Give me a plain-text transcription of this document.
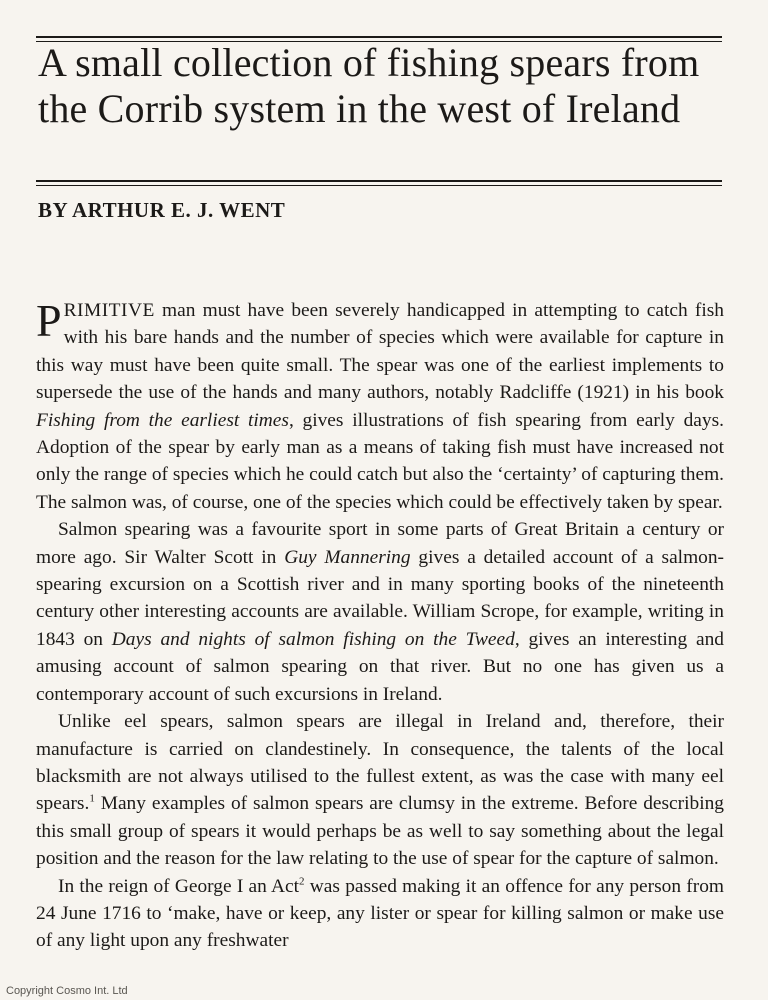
A small collection of fishing spears from the Corrib system in the west of Ireland
BY ARTHUR E. J. WENT

PRIMITIVE man must have been severely handicapped in attempting to catch fish with his bare hands and the number of species which were available for capture in this way must have been quite small. The spear was one of the earliest implements to supersede the use of the hands and many authors, notably Radcliffe (1921) in his book Fishing from the earliest times, gives illustrations of fish spearing from early days. Adoption of the spear by early man as a means of taking fish must have increased not only the range of species which he could catch but also the ‘certainty’ of capturing them. The salmon was, of course, one of the species which could be effectively taken by spear.

Salmon spearing was a favourite sport in some parts of Great Britain a century or more ago. Sir Walter Scott in Guy Mannering gives a detailed account of a salmon-spearing excursion on a Scottish river and in many sporting books of the nineteenth century other interesting accounts are available. William Scrope, for example, writing in 1843 on Days and nights of salmon fishing on the Tweed, gives an interesting and amusing account of salmon spearing on that river. But no one has given us a contemporary account of such excursions in Ireland.

Unlike eel spears, salmon spears are illegal in Ireland and, therefore, their manufacture is carried on clandestinely. In consequence, the talents of the local blacksmith are not always utilised to the fullest extent, as was the case with many eel spears.$^1$ Many examples of salmon spears are clumsy in the extreme. Before describing this small group of spears it would perhaps be as well to say something about the legal position and the reason for the law relating to the use of spear for the capture of salmon.

In the reign of George I an Act$^2$ was passed making it an offence for any person from 24 June 1716 to ‘make, have or keep, any lister or spear for killing salmon or make use of any light upon any freshwater

Copyright Cosmo Int. Ltd
